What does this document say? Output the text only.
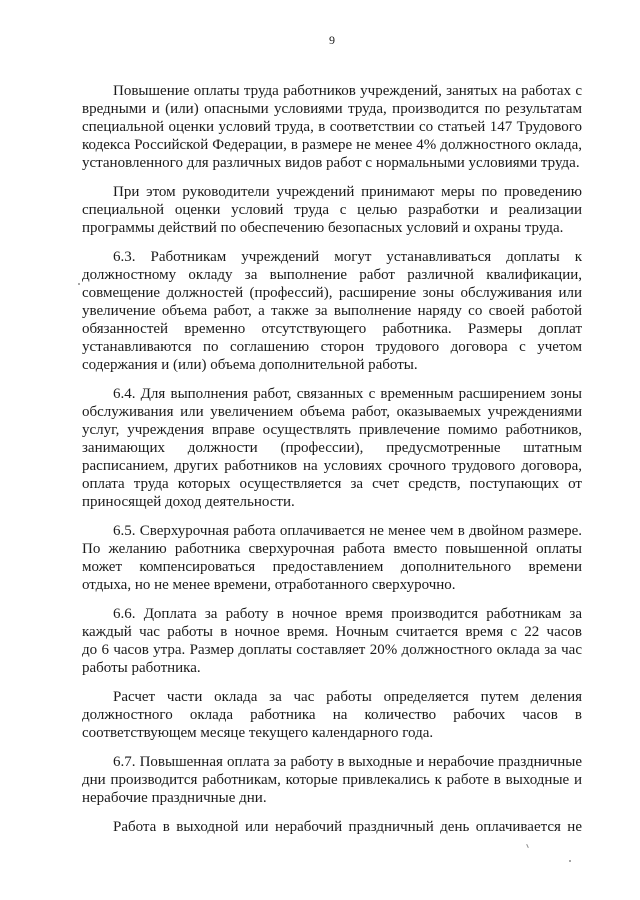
9
Повышение оплаты труда работников учреждений, занятых на работах с
вредными и (или) опасными условиями труда, производится по результатам
специальной оценки условий труда, в соответствии со статьей 147 Трудового
кодекса Российской Федерации, в размере не менее 4% должностного оклада,
установленного для различных видов работ с нормальными условиями труда.
При этом руководители учреждений принимают меры по проведению
специальной оценки условий труда с целью разработки и реализации
программы действий по обеспечению безопасных условий и охраны труда.
6.3. Работникам учреждений могут устанавливаться доплаты к
должностному окладу за выполнение работ различной квалификации,
совмещение должностей (профессий), расширение зоны обслуживания или
увеличение объема работ, а также за выполнение наряду со своей работой
обязанностей временно отсутствующего работника. Размеры доплат
устанавливаются по соглашению сторон трудового договора с учетом
содержания и (или) объема дополнительной работы.
6.4. Для выполнения работ, связанных с временным расширением зоны
обслуживания или увеличением объема работ, оказываемых учреждениями
услуг, учреждения вправе осуществлять привлечение помимо работников,
занимающих должности (профессии), предусмотренные штатным
расписанием, других работников на условиях срочного трудового договора,
оплата труда которых осуществляется за счет средств, поступающих от
приносящей доход деятельности.
6.5. Сверхурочная работа оплачивается не менее чем в двойном размере.
По желанию работника сверхурочная работа вместо повышенной оплаты
может компенсироваться предоставлением дополнительного времени
отдыха, но не менее времени, отработанного сверхурочно.
6.6. Доплата за работу в ночное время производится работникам за
каждый час работы в ночное время. Ночным считается время с 22 часов
до 6 часов утра. Размер доплаты составляет 20% должностного оклада за час
работы работника.
Расчет части оклада за час работы определяется путем деления
должностного оклада работника на количество рабочих часов в
соответствующем месяце текущего календарного года.
6.7. Повышенная оплата за работу в выходные и нерабочие праздничные
дни производится работникам, которые привлекались к работе в выходные и
нерабочие праздничные дни.
Работа в выходной или нерабочий праздничный день оплачивается не
